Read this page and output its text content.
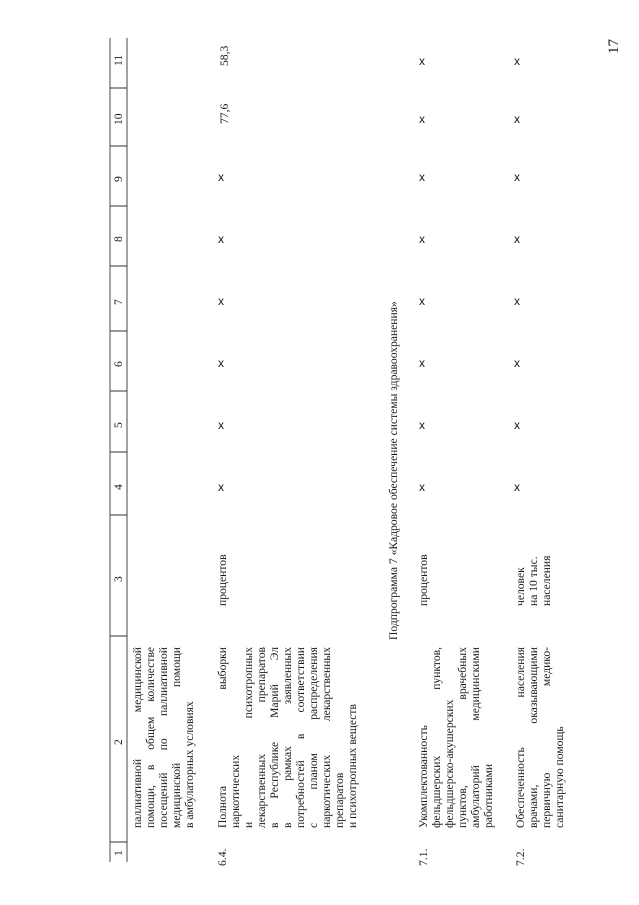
17
1
2
3
4
5
6
7
8
9
10
11
паллиативной медицинской помощи, в общем количестве посещений по паллиативной медицинской помощи в амбулаторных условиях
6.4.
Полнота выборки наркотических и психотропных лекарственных препаратов в Республике Марий Эл в рамках заявленных потребностей в соответствии с планом распределения наркотических лекарственных препаратов и психотропных веществ
процентов
x
x
x
x
x
x
77,6
58,3
Подпрограмма 7 «Кадровое обеспечение системы здравоохранения»
7.1.
Укомплектованность фельдшерских пунктов, фельдшерско-акушерских пунктов, врачебных амбулаторий медицинскими работниками
процентов
x
x
x
x
x
x
x
x
7.2.
Обеспеченность населения врачами, оказывающими первичную медико- санитарную помощь
человек на 10 тыс. населения
x
x
x
x
x
x
x
x
